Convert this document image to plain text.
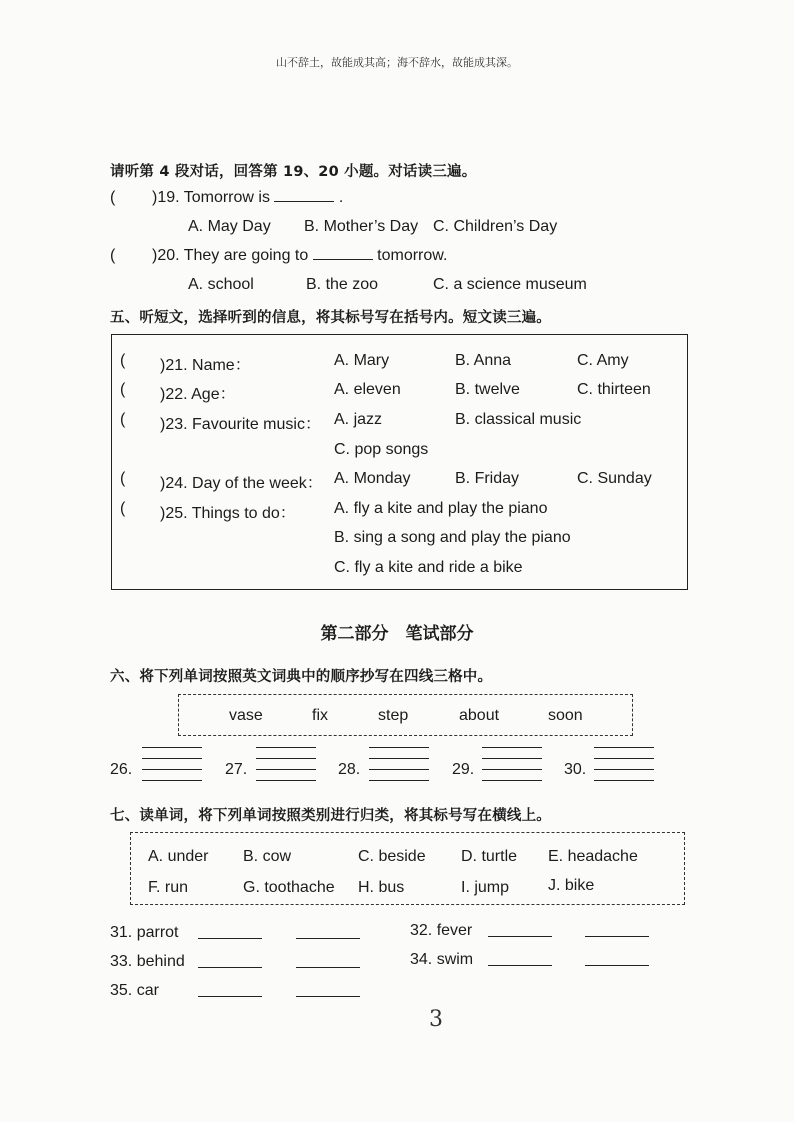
山不辞土，故能成其高；海不辞水，故能成其深。
请听第 4 段对话，回答第 19、20 小题。对话读三遍。
( )19. Tomorrow is	.
A. May Day B. Mother’s Day C. Children’s Day
( )20. They are going to	tomorrow.
A. school	B. the zoo	C. a science museum
五、听短文，选择听到的信息，将其标号写在括号内。短文读三遍。
( )21. Name：	A. Mary	B. Anna	C. Amy
( )22. Age：	A. eleven	B. twelve	C. thirteen
( )23. Favourite music： A. jazz	B. classical music
C. pop songs
( )24. Day of the week： A. Monday	B. Friday	C. Sunday
( )25. Things to do： A. fly a kite and play the piano
B. sing a song and play the piano
C. fly a kite and ride a bike
第二部分　笔试部分
六、将下列单词按照英文词典中的顺序抄写在四线三格中。
vase	fix	step	about	soon
26.	27.	28.	29.	30.
七、读单词，将下列单词按照类别进行归类，将其标号写在横线上。
A. under B. cow	C. beside D. turtle E. headache
F. run	G. toothache H. bus	I. jump J. bike
31. parrot	32. fever
33. behind	34. swim
35. car
3
